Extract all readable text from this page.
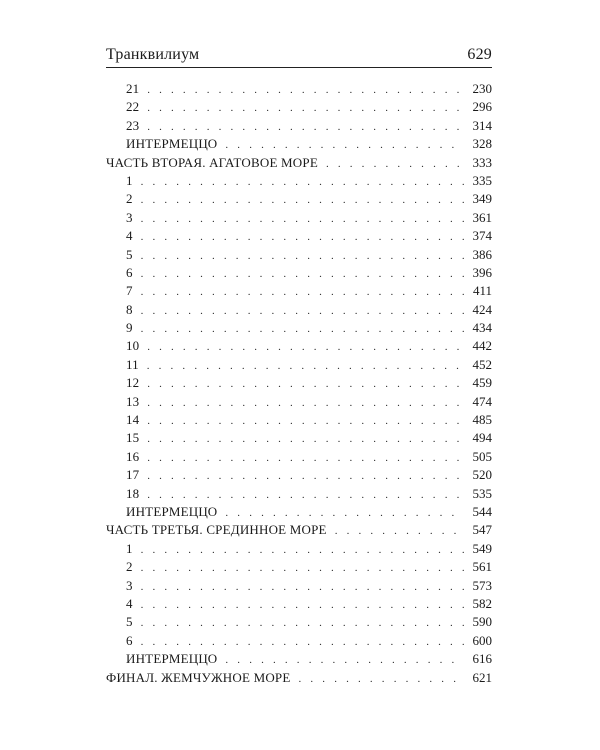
Транквилиум	629
21 . . .	230
22 . . .	296
23 . . .	314
ИНТЕРМЕЦЦО . . .	328
ЧАСТЬ ВТОРАЯ. АГАТОВОЕ МОРЕ . . .	333
1 . . .	335
2 . . .	349
3 . . .	361
4 . . .	374
5 . . .	386
6 . . .	396
7 . . .	411
8 . . .	424
9 . . .	434
10 . . .	442
11 . . .	452
12 . . .	459
13 . . .	474
14 . . .	485
15 . . .	494
16 . . .	505
17 . . .	520
18 . . .	535
ИНТЕРМЕЦЦО . . .	544
ЧАСТЬ ТРЕТЬЯ. СРЕДИННОЕ МОРЕ . . .	547
1 . . .	549
2 . . .	561
3 . . .	573
4 . . .	582
5 . . .	590
6 . . .	600
ИНТЕРМЕЦЦО . . .	616
ФИНАЛ. ЖЕМЧУЖНОЕ МОРЕ . . .	621
